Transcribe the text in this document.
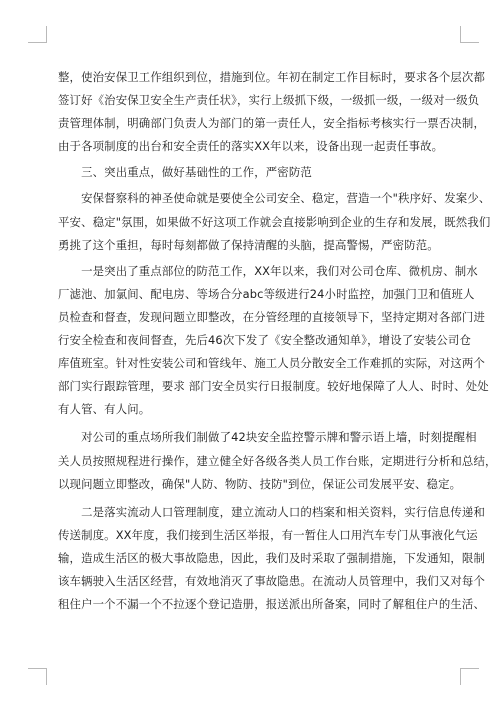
整，使治安保卫工作组织到位，措施到位。年初在制定工作目标时，要求各个层次都

签订好《治安保卫安全生产责任状》，实行上级抓下级，一级抓一级，一级对一级负

责管理体制，明确部门负责人为部门的第一责任人，安全指标考核实行一票否决制，

由于各项制度的出台和安全责任的落实XX年以来，设备出现一起责任事故。

　　三、突出重点，做好基础性的工作，严密防范

　　安保督察科的神圣使命就是要使全公司安全、稳定，营造一个"秩序好、发案少、

平安、稳定"氛围，如果做不好这项工作就会直接影响到企业的生存和发展，既然我们

勇挑了这个重担，每时每刻都做了保持清醒的头脑，提高警惕，严密防范。

　　一是突出了重点部位的防范工作，XX年以来，我们对公司仓库、微机房、制水

厂滤池、加氯间、配电房、等场合分abc等级进行24小时监控，加强门卫和值班人

员检查和督查，发现问题立即整改，在分管经理的直接领导下，坚持定期对各部门进

行安全检查和夜间督查，先后46次下发了《安全整改通知单》，增设了安装公司仓

库值班室。针对性安装公司和管线年、施工人员分散安全工作难抓的实际，对这两个

部门实行跟踪管理，要求 部门安全员实行日报制度。较好地保障了人人、时时、处处

有人管、有人问。

　　对公司的重点场所我们制做了42块安全监控警示牌和警示语上墙，时刻提醒相

关人员按照规程进行操作，建立健全好各级各类人员工作台账，定期进行分析和总结，

以现问题立即整改，确保"人防、物防、技防"到位，保证公司发展平安、稳定。

　　二是落实流动人口管理制度，建立流动人口的档案和相关资料，实行信息传递和

传送制度。XX年度，我们接到生活区举报，有一暂住人口用汽车专门从事液化气运

输，造成生活区的极大事故隐患，因此，我们及时采取了强制措施，下发通知，限制

该车辆驶入生活区经营，有效地消灭了事故隐患。在流动人员管理中，我们又对每个

租住户一个不漏一个不拉逐个登记造册，报送派出所备案，同时了解租住户的生活、
